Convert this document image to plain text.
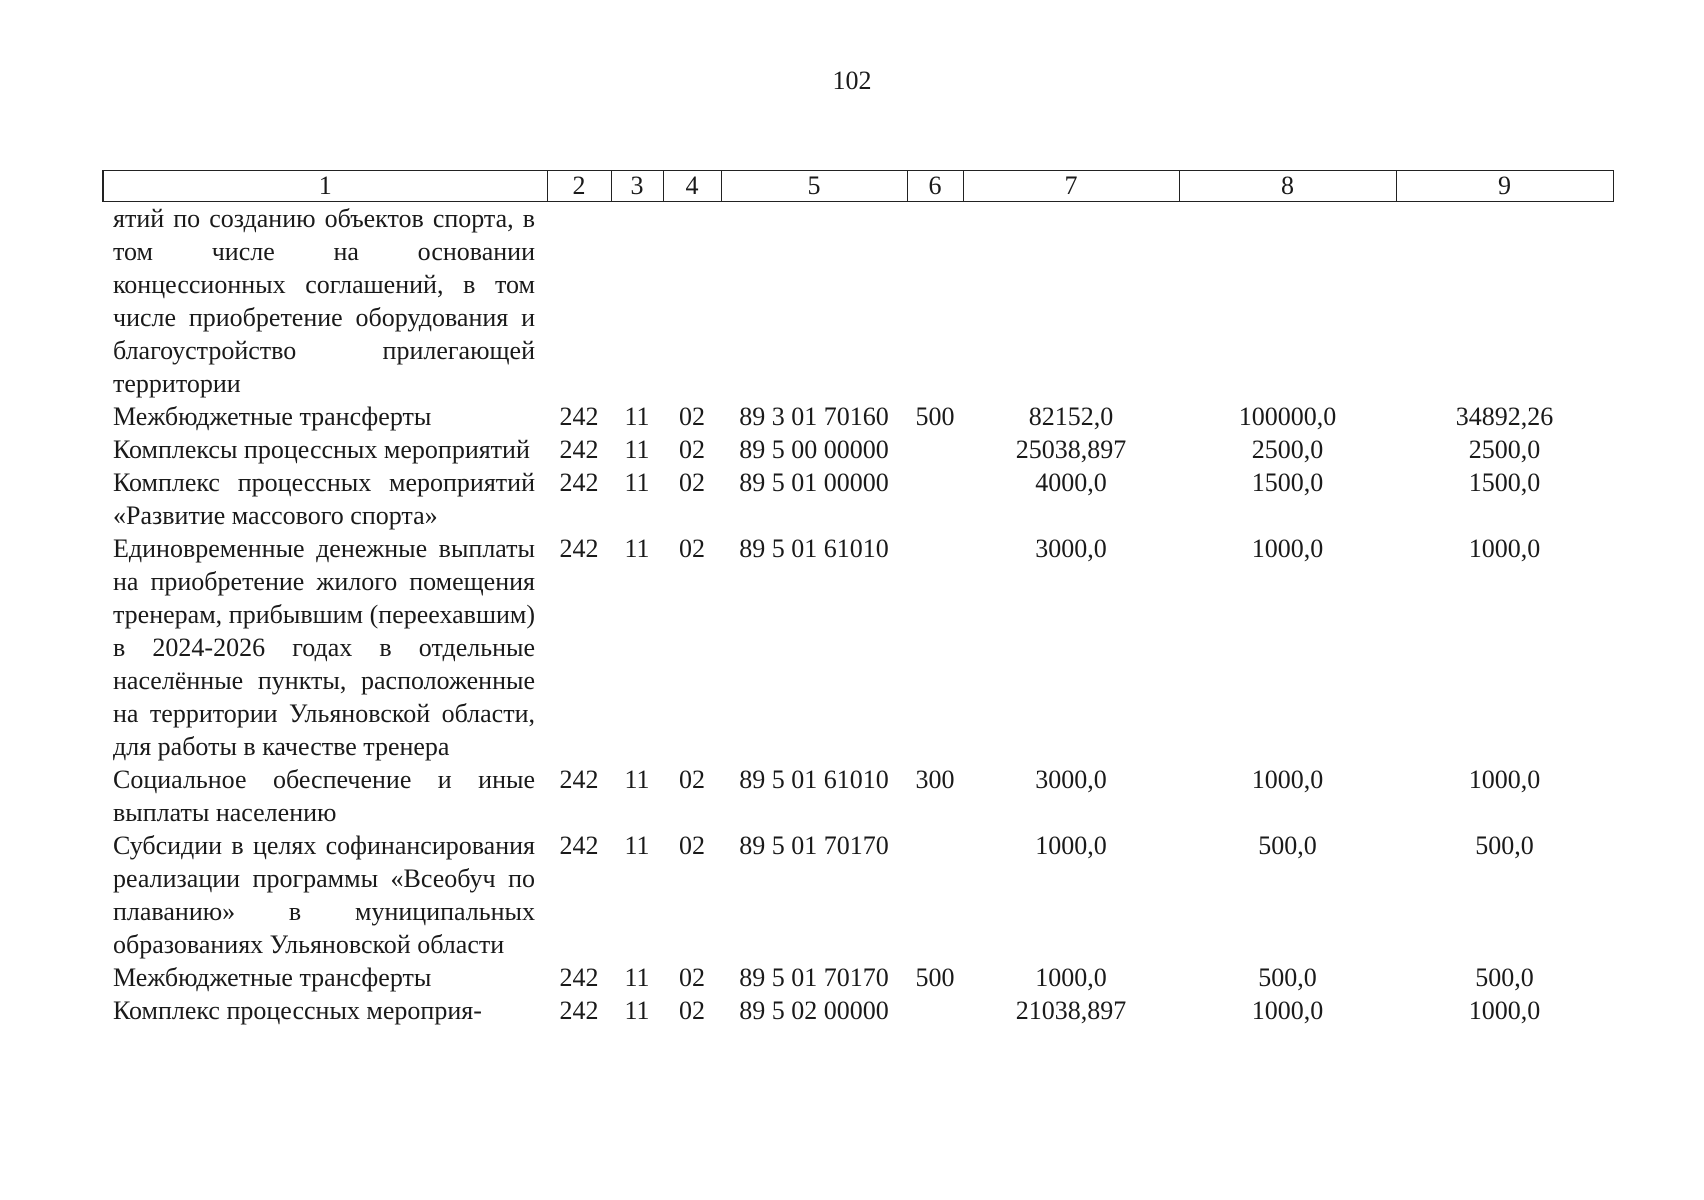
102
1	2	3	4	5	6	7	8	9
ятий по созданию объектов спорта, в том числе на основании концессионных соглашений, в том числе приобретение оборудования и благоустройство прилегающей территории								
Межбюджетные трансферты	242	11	02	89 3 01 70160	500	82152,0	100000,0	34892,26
Комплексы процессных мероприятий	242	11	02	89 5 00 00000		25038,897	2500,0	2500,0
Комплекс процессных мероприятий «Развитие массового спорта»	242	11	02	89 5 01 00000		4000,0	1500,0	1500,0
Единовременные денежные выплаты на приобретение жилого помещения тренерам, прибывшим (переехавшим) в 2024-2026 годах в отдельные населённые пункты, расположенные на территории Ульяновской области, для работы в качестве тренера	242	11	02	89 5 01 61010		3000,0	1000,0	1000,0
Социальное обеспечение и иные выплаты населению	242	11	02	89 5 01 61010	300	3000,0	1000,0	1000,0
Субсидии в целях софинансирования реализации программы «Всеобуч по плаванию» в муниципальных образованиях Ульяновской области	242	11	02	89 5 01 70170		1000,0	500,0	500,0
Межбюджетные трансферты	242	11	02	89 5 01 70170	500	1000,0	500,0	500,0
Комплекс процессных мероприя-	242	11	02	89 5 02 00000		21038,897	1000,0	1000,0
